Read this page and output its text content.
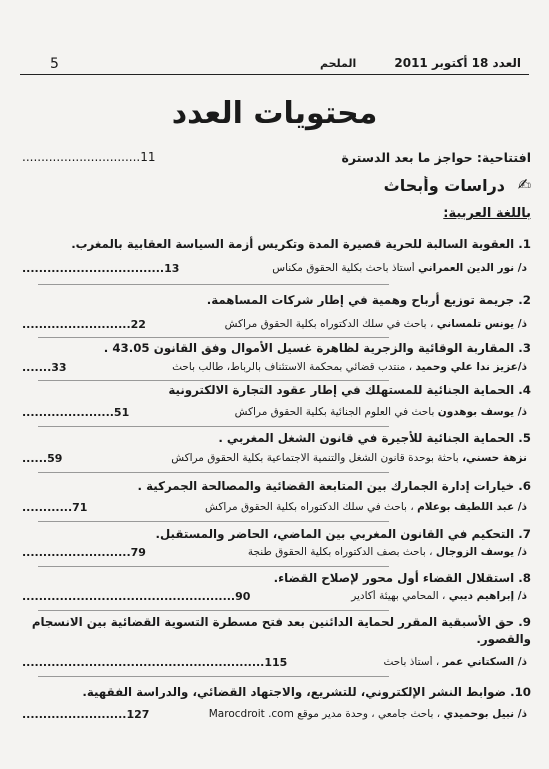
5	الملحم	العدد 18 أكتوبر 2011
محتويات العدد
افتتاحية: حواجز ما بعد الدسترة
...............................11
✍
دراسات وأبحاث
باللغة العربية:
1. العقوبة السالبة للحرية قصيرة المدة وتكريس أزمة السياسة العقابية بالمغرب.
د/ نور الدين العمراني أستاذ باحث بكلية الحقوق مكناس
..................................13
2. جريمة توزيع أرباح وهمية في إطار شركات المساهمة.
ذ/ يونس تلمساني ، باحث في سلك الدكتوراه بكلية الحقوق مراكش
..........................22
3. المقاربة الوقائية والزجرية لظاهرة غسيل الأموال وفق القانون 43.05 .
ذ/عزيز ندا علي وحميد ، منتدب قضائي بمحكمة الاستئناف بالرباط، طالب باحث
.......33
4. الحماية الجنائية للمستهلك في إطار عقود التجارة الالكترونية
ذ/ يوسف بوهدون باحث في العلوم الجنائية بكلية الحقوق مراكش
......................51
5. الحماية الجنائية للأجيرة في قانون الشغل المغربي .
نزهة حسني، باحثة بوحدة قانون الشغل والتنمية الاجتماعية بكلية الحقوق مراكش
......59
6. خيارات إدارة الجمارك بين المتابعة القضائية والمصالحة الجمركية .
ذ/ عبد اللطيف بوعلام ، باحث في سلك الدكتوراه بكلية الحقوق مراكش
............71
7. التحكيم في القانون المغربي بين الماضي، الحاضر والمستقبل.
ذ/ يوسف الزوجال ، باحث بصف الدكتوراه بكلية الحقوق طنجة
..........................79
8. استقلال القضاء أول محور لإصلاح القضاء.
ذ/ إبراهيم ديبي ، المحامي بهيئة أكادير
...................................................90
9. حق الأسبقية المقرر لحماية الدائنين بعد فتح مسطرة التسوية القضائية بين الانسجام والقصور.
ذ/ السكتاني عمر ، أستاذ باحث
..........................................................115
10. ضوابط النشر الإلكتروني، للتشريع، والاجتهاد القضائي، والدراسة الفقهية.
ذ/ نبيل بوحميدي ، باحث جامعي ، وحدة مدير موقع Marocdroit .com
.........................127
